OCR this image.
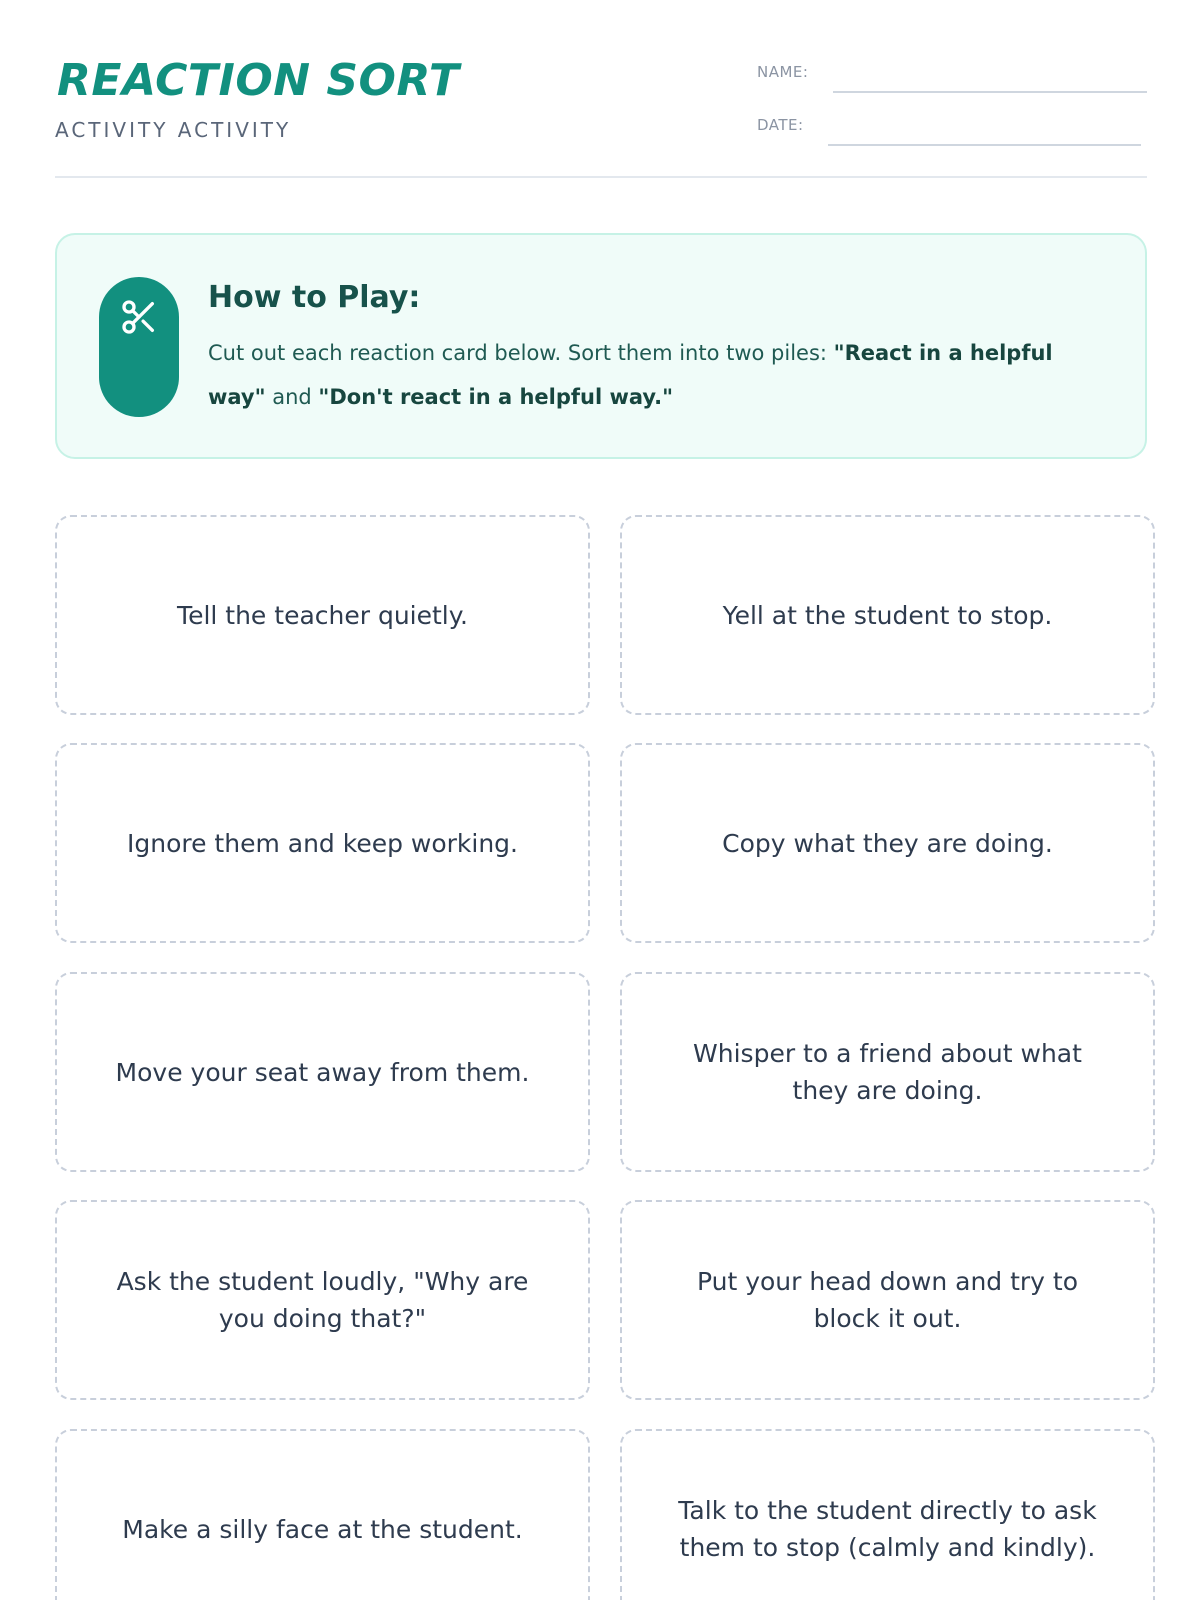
REACTION SORT
ACTIVITY ACTIVITY
NAME:
DATE:
How to Play:
Cut out each reaction card below. Sort them into two piles: "React in a helpful way" and "Don't react in a helpful way."
Tell the teacher quietly.	Yell at the student to stop.
Ignore them and keep working.	Copy what they are doing.
Move your seat away from them.
Whisper to a friend about what they are doing.
Ask the student loudly, "Why are you doing that?"
Put your head down and try to block it out.
Make a silly face at the student.
Talk to the student directly to ask them to stop (calmly and kindly).
